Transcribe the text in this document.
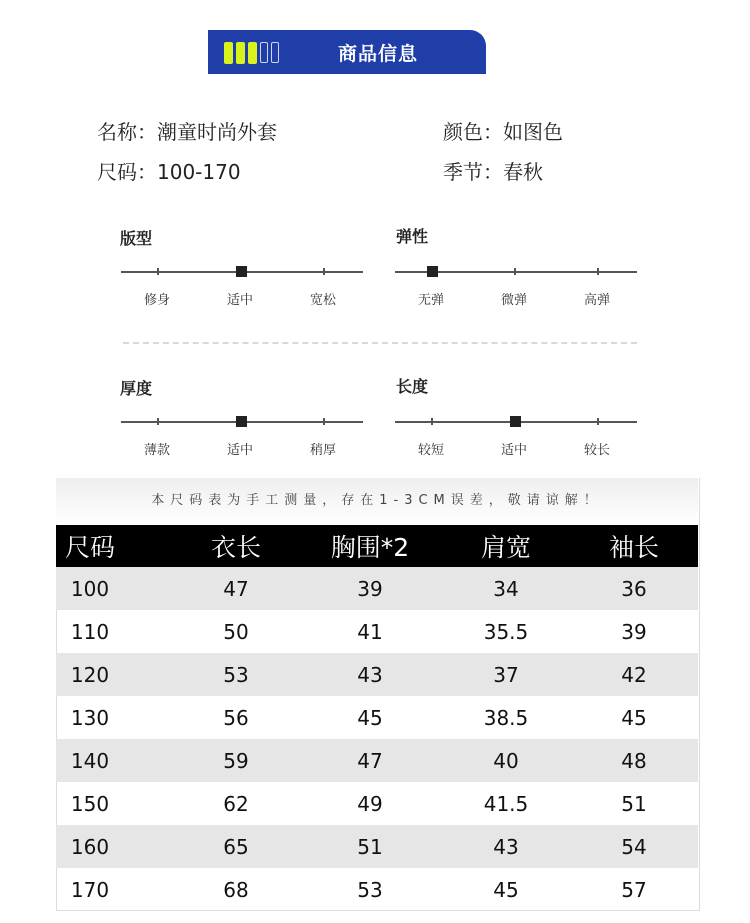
商品信息
名称：潮童时尚外套	颜色：如图色
尺码：100-170	季节：春秋
版型
修身	适中	宽松
弹性
无弹	微弹	高弹
厚度
薄款	适中	稍厚
长度
较短	适中	较长
本尺码表为手工测量，存在1-3CM误差，敬请谅解！
尺码	衣长	胸围*2	肩宽	袖长
100	47	39	34	36
110	50	41	35.5	39
120	53	43	37	42
130	56	45	38.5	45
140	59	47	40	48
150	62	49	41.5	51
160	65	51	43	54
170	68	53	45	57
